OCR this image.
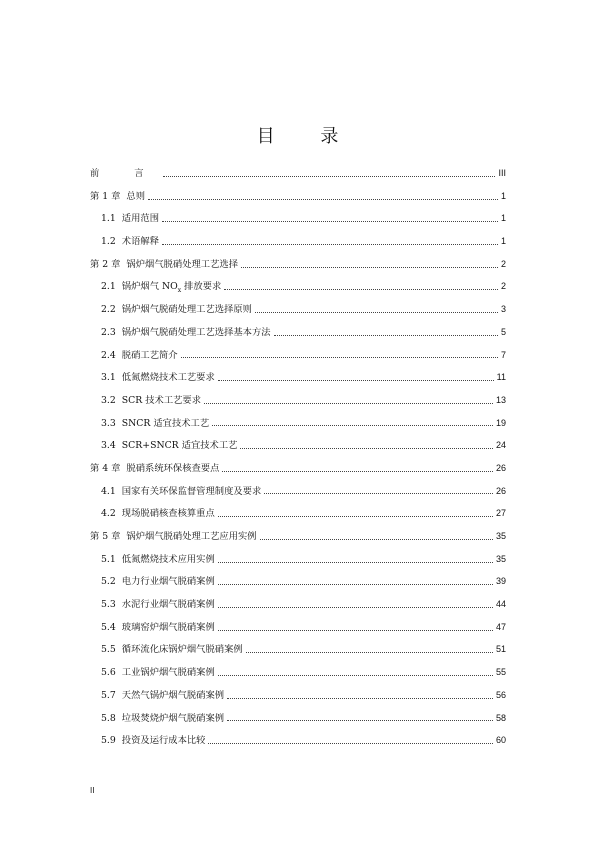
目 录
前 言	III
第 1 章 总则	1
1.1 适用范围	1
1.2 术语解释	1
第 2 章 锅炉烟气脱硝处理工艺选择	2
2.1 锅炉烟气 $NO_x$ 排放要求	2
2.2 锅炉烟气脱硝处理工艺选择原则	3
2.3 锅炉烟气脱硝处理工艺选择基本方法	5
2.4 脱硝工艺简介	7
3.1 低氮燃烧技术工艺要求	11
3.2 SCR 技术工艺要求	13
3.3 SNCR 适宜技术工艺	19
3.4 SCR+SNCR 适宜技术工艺	24
第 4 章 脱硝系统环保核查要点	26
4.1 国家有关环保监督管理制度及要求	26
4.2 现场脱硝核查核算重点	27
第 5 章 锅炉烟气脱硝处理工艺应用实例	35
5.1 低氮燃烧技术应用实例	35
5.2 电力行业烟气脱硝案例	39
5.3 水泥行业烟气脱硝案例	44
5.4 玻璃窑炉烟气脱硝案例	47
5.5 循环流化床锅炉烟气脱硝案例	51
5.6 工业锅炉烟气脱硝案例	55
5.7 天然气锅炉烟气脱硝案例	56
5.8 垃圾焚烧炉烟气脱硝案例	58
5.9 投资及运行成本比较	60
II
